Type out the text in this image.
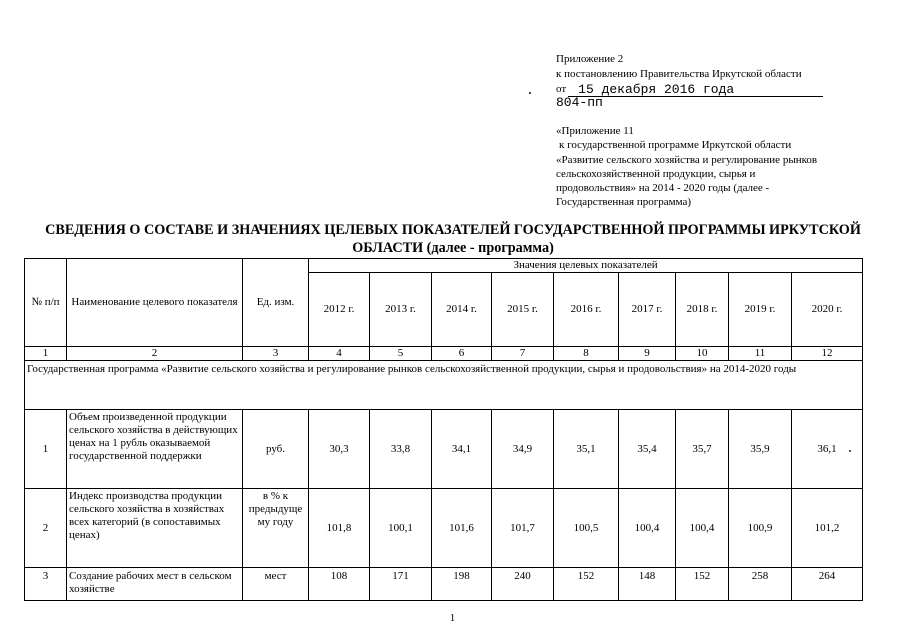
Приложение 2
к постановлению Правительства Иркутской области
от 15 декабря 2016 года
804-пп
«Приложение 11
к государственной программе Иркутской области
«Развитие сельского хозяйства и регулирование рынков
сельскохозяйственной продукции, сырья и
продовольствия» на 2014 - 2020 годы (далее -
Государственная программа)
СВЕДЕНИЯ О СОСТАВЕ И ЗНАЧЕНИЯХ ЦЕЛЕВЫХ ПОКАЗАТЕЛЕЙ ГОСУДАРСТВЕННОЙ ПРОГРАММЫ ИРКУТСКОЙ
ОБЛАСТИ (далее - программа)
№ п/п	Наименование целевого показателя	Ед. изм.	Значения целевых показателей								
			2012 г.	2013 г.	2014 г.	2015 г.	2016 г.	2017 г.	2018 г.	2019 г.	2020 г.
1	2	3	4	5	6	7	8	9	10	11	12
Государственная программа «Развитие сельского хозяйства и регулирование рынков сельскохозяйственной продукции, сырья и продовольствия» на 2014-2020 годы											
1	Объем произведенной продукции сельского хозяйства в действующих ценах на 1 рубль оказываемой государственной поддержки	руб.	30,3	33,8	34,1	34,9	35,1	35,4	35,7	35,9	36,1
2	Индекс производства продукции сельского хозяйства в хозяйствах всех категорий (в сопоставимых ценах)	в % к предыдуще му году	101,8	100,1	101,6	101,7	100,5	100,4	100,4	100,9	101,2
3	Создание рабочих мест в сельском хозяйстве	мест	108	171	198	240	152	148	152	258	264
1
